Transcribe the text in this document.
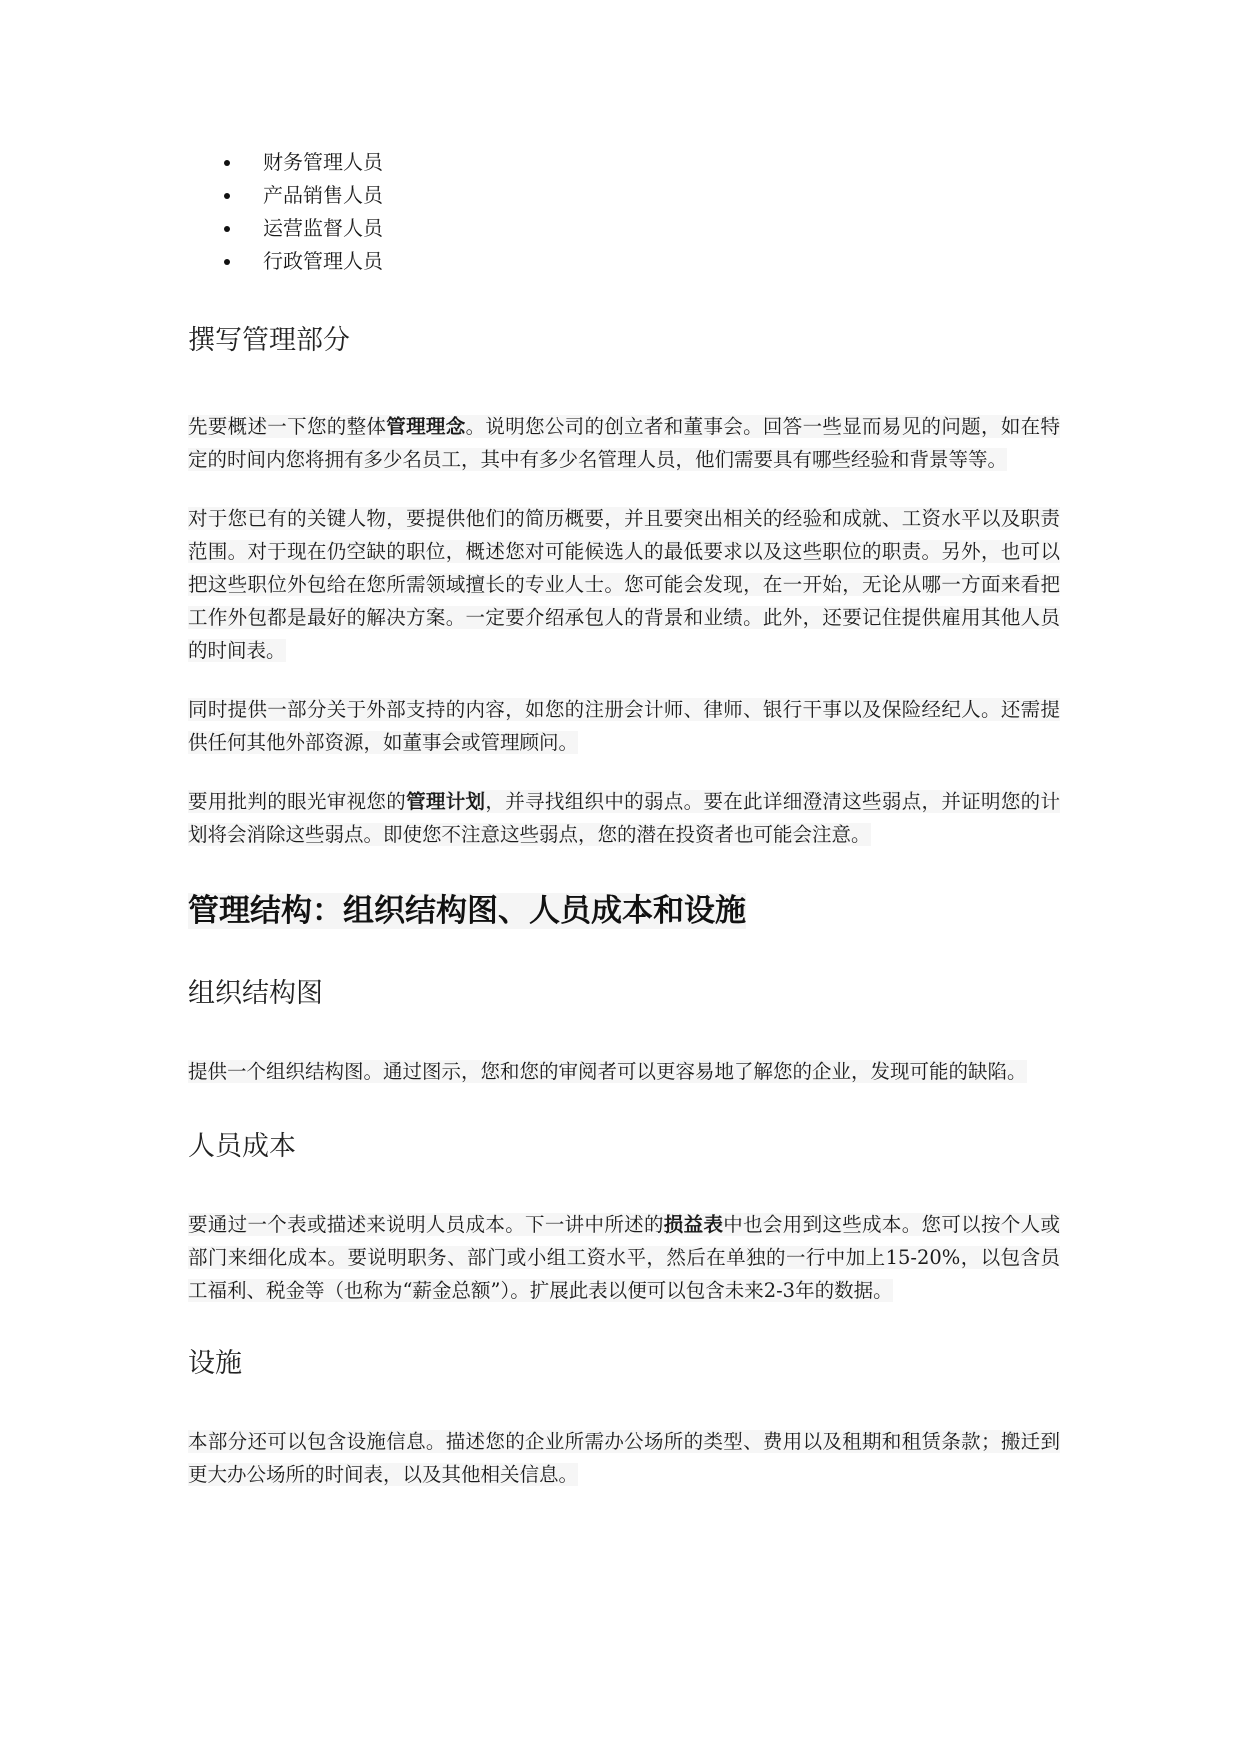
财务管理人员
产品销售人员
运营监督人员
行政管理人员
撰写管理部分

先要概述一下您的整体管理理念。说明您公司的创立者和董事会。回答一些显而易见的问题，如在特定的时间内您将拥有多少名员工，其中有多少名管理人员，他们需要具有哪些经验和背景等等。

对于您已有的关键人物，要提供他们的简历概要，并且要突出相关的经验和成就、工资水平以及职责范围。对于现在仍空缺的职位，概述您对可能候选人的最低要求以及这些职位的职责。另外，也可以把这些职位外包给在您所需领域擅长的专业人士。您可能会发现，在一开始，无论从哪一方面来看把工作外包都是最好的解决方案。一定要介绍承包人的背景和业绩。此外，还要记住提供雇用其他人员的时间表。

同时提供一部分关于外部支持的内容，如您的注册会计师、律师、银行干事以及保险经纪人。还需提供任何其他外部资源，如董事会或管理顾问。

要用批判的眼光审视您的管理计划，并寻找组织中的弱点。要在此详细澄清这些弱点，并证明您的计划将会消除这些弱点。即使您不注意这些弱点，您的潜在投资者也可能会注意。

管理结构：组织结构图、人员成本和设施
组织结构图

提供一个组织结构图。通过图示，您和您的审阅者可以更容易地了解您的企业，发现可能的缺陷。

人员成本

要通过一个表或描述来说明人员成本。下一讲中所述的损益表中也会用到这些成本。您可以按个人或部门来细化成本。要说明职务、部门或小组工资水平，然后在单独的一行中加上15-20%，以包含员工福利、税金等（也称为“薪金总额”）。扩展此表以便可以包含未来2-3年的数据。

设施

本部分还可以包含设施信息。描述您的企业所需办公场所的类型、费用以及租期和租赁条款；搬迁到更大办公场所的时间表，以及其他相关信息。
